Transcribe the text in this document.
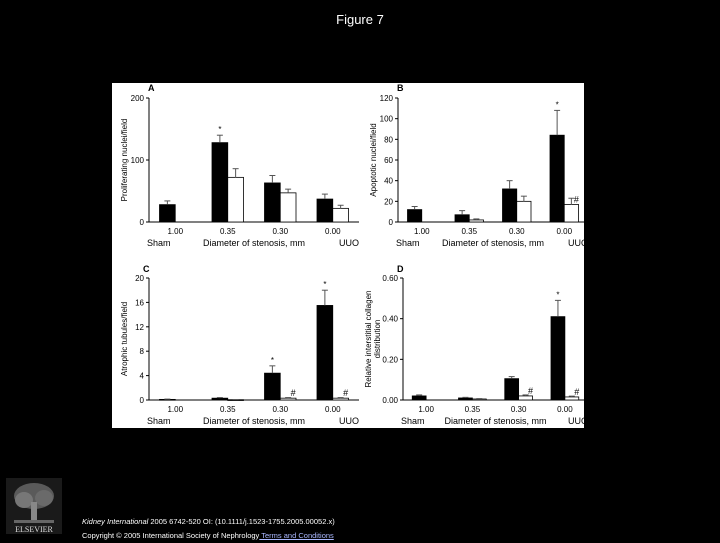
Figure 7
A
0
100
200
Proliferating nuclei/field
1.00	0.35	0.30	0.00
*
Sham	Diameter of stenosis, mm	UUO
B
0
20
40
60
80
100
120
Apoptotic nuclei/field
1.00	0.35	0.30	0.00
*
#
Sham Diameter of stenosis, mm	UUO
C
0
4
8
12
16
20
Atrophic tubules/field
1.00	0.35	0.30	0.00
*
*
#	#
Sham	Diameter of stenosis, mm	UUO
D
0.00
0.20
0.40
0.60
Relative interstitial collagen distribution
1.00	0.35	0.30	0.00
*
#	#
Sham Diameter of stenosis, mm UUO
ELSEVIER
Kidney International 2005 6742-520 OI: (10.1111/j.1523-1755.2005.00052.x)
Copyright © 2005 International Society of Nephrology Terms and Conditions
